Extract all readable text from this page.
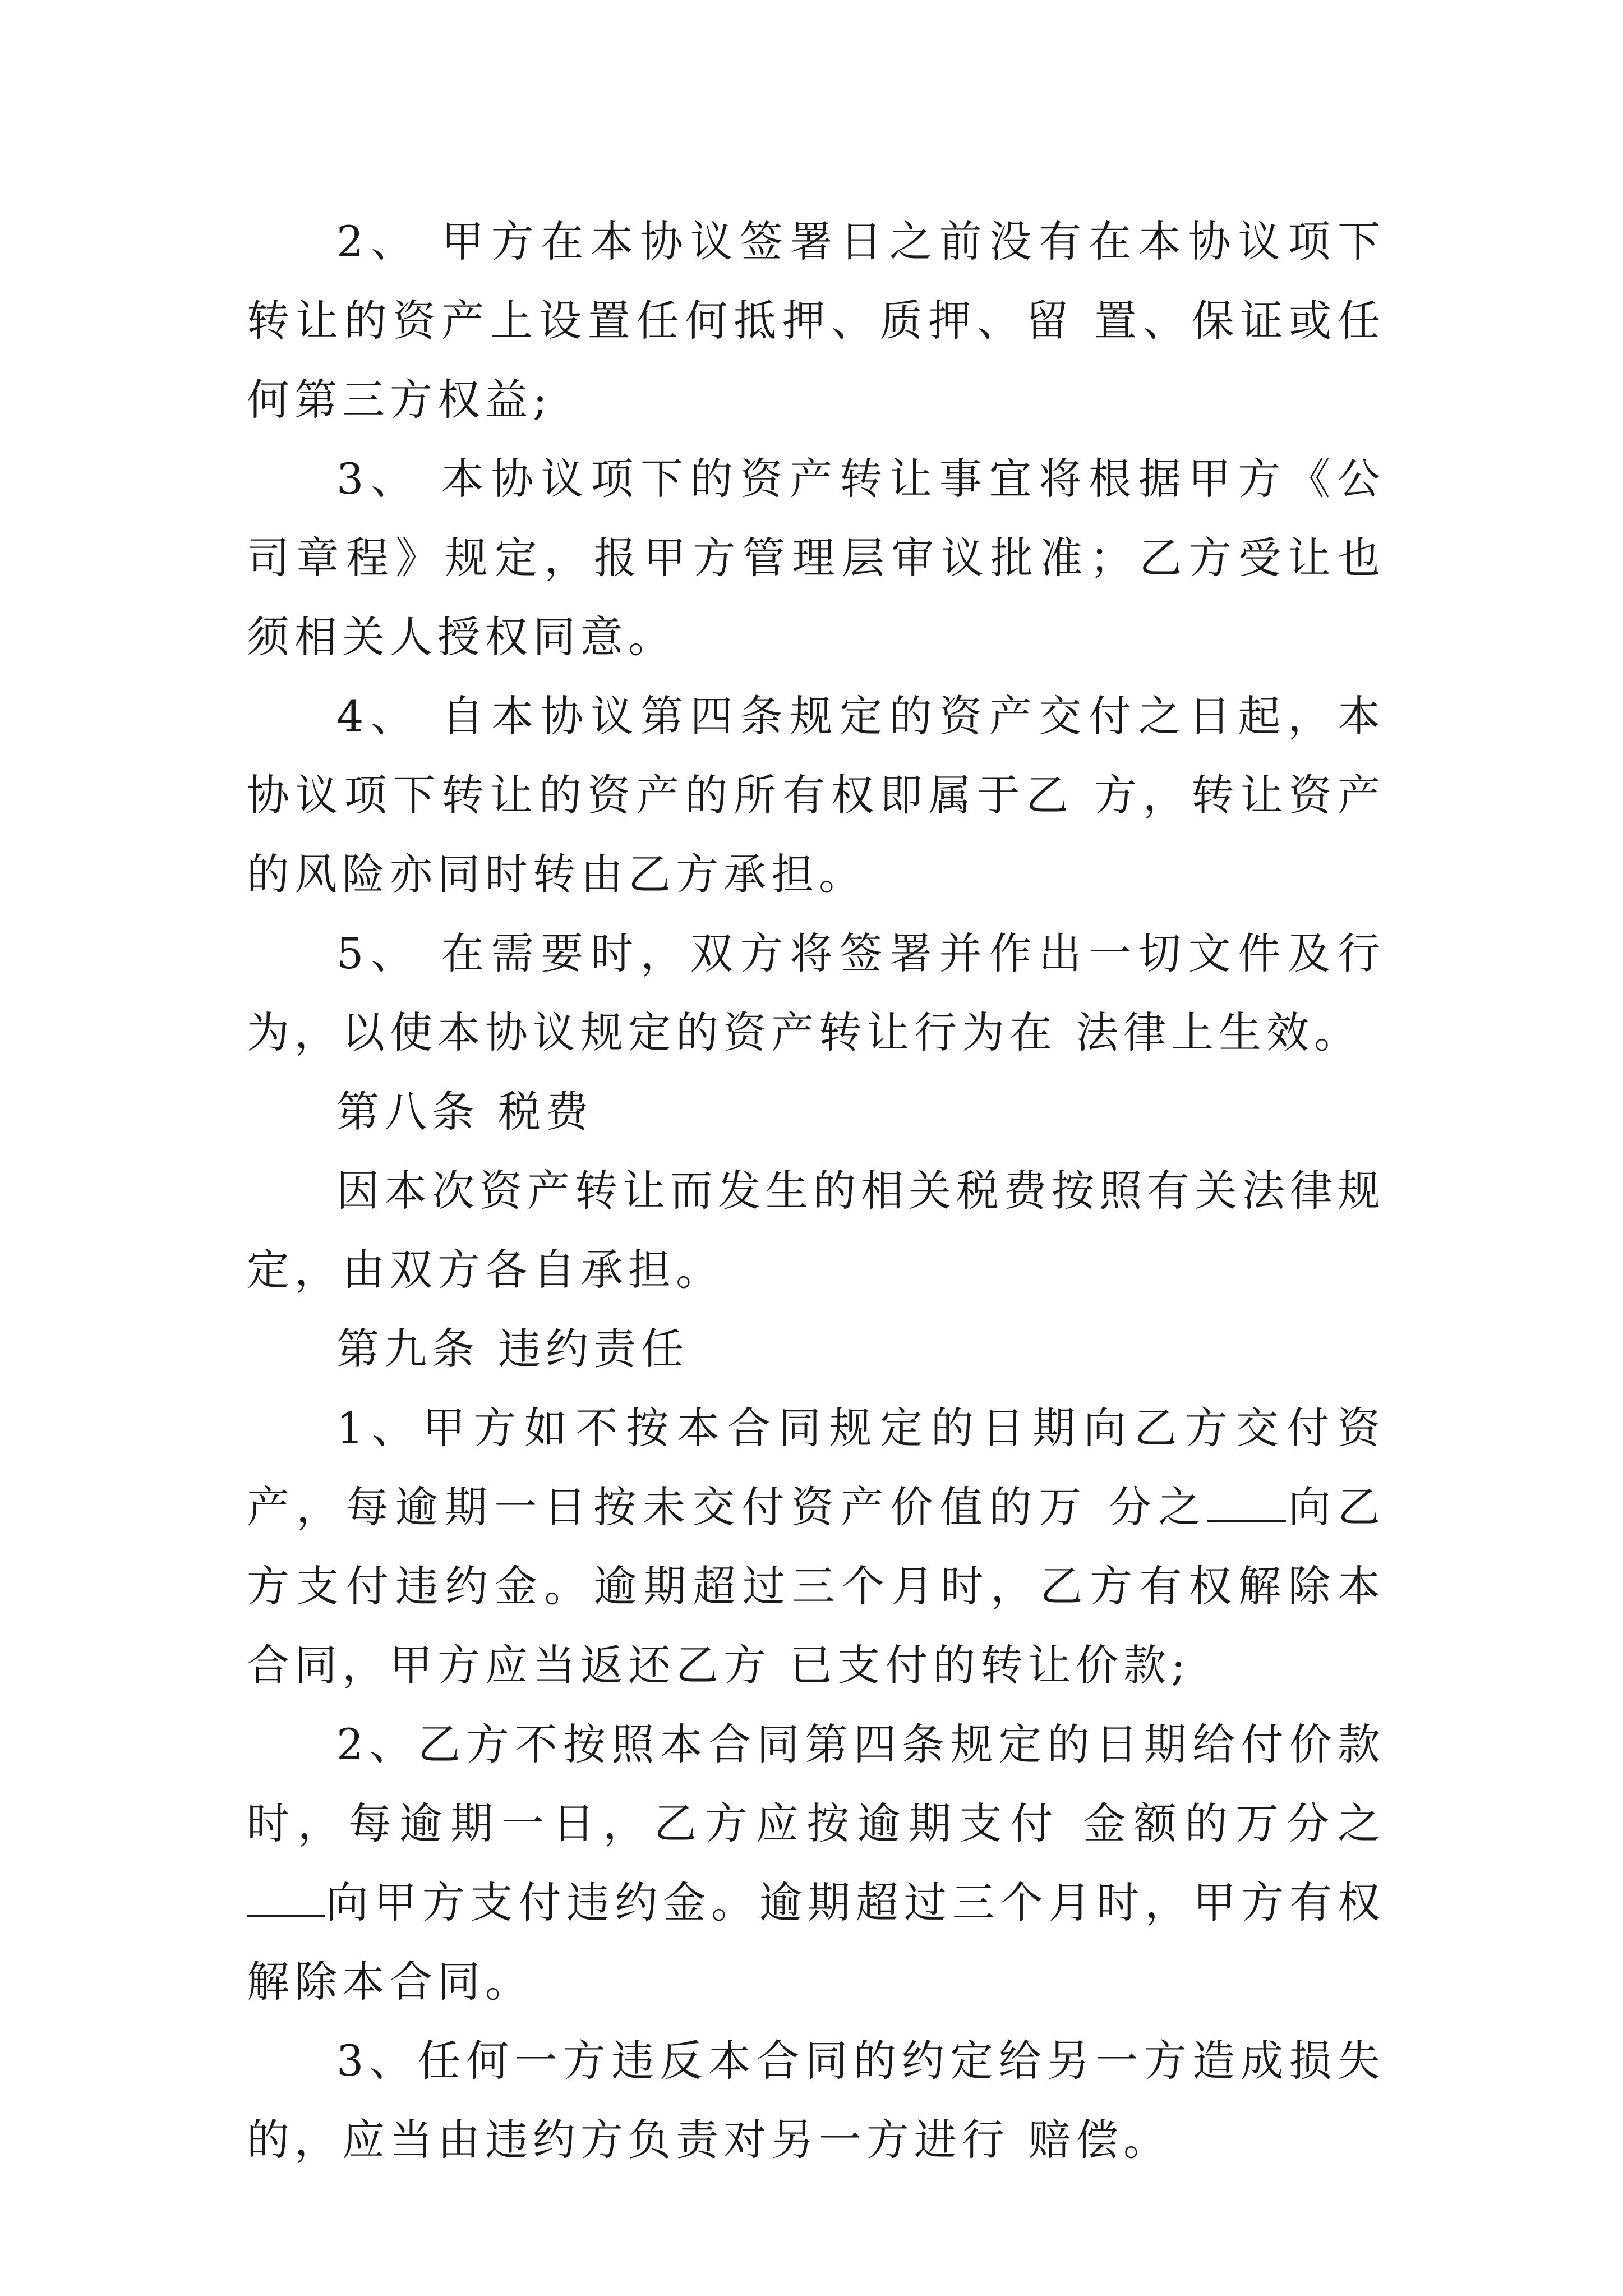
2、 甲方在本协议签署日之前没有在本协议项下转让的资产上设置任何抵押、质押、留 置、保证或任何第三方权益;

3、 本协议项下的资产转让事宜将根据甲方《公司章程》规定，报甲方管理层审议批准；乙方受让也须相关人授权同意。

4、 自本协议第四条规定的资产交付之日起，本协议项下转让的资产的所有权即属于乙 方，转让资产的风险亦同时转由乙方承担。

5、 在需要时，双方将签署并作出一切文件及行为，以使本协议规定的资产转让行为在 法律上生效。

第八条 税费

因本次资产转让而发生的相关税费按照有关法律规定，由双方各自承担。

第九条 违约责任

1、甲方如不按本合同规定的日期向乙方交付资产，每逾期一日按未交付资产价值的万 分之 向乙方支付违约金。逾期超过三个月时，乙方有权解除本合同，甲方应当返还乙方 已支付的转让价款;

2、乙方不按照本合同第四条规定的日期给付价款时，每逾期一日，乙方应按逾期支付 金额的万分之向甲方支付违约金。逾期超过三个月时，甲方有权解除本合同。

3、任何一方违反本合同的约定给另一方造成损失的，应当由违约方负责对另一方进行 赔偿。
